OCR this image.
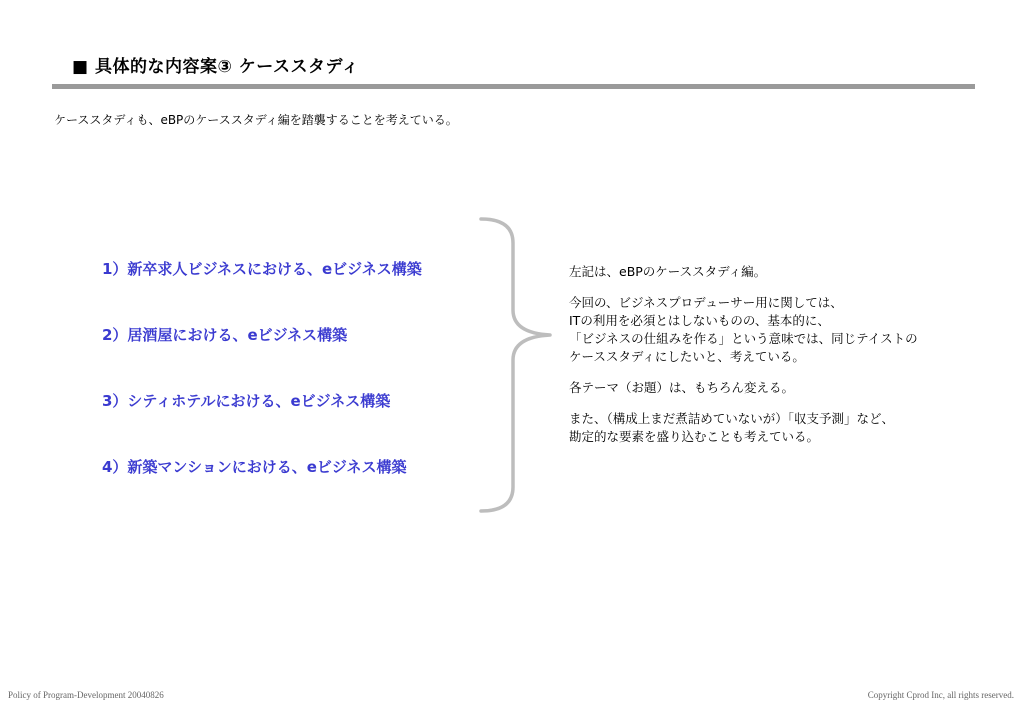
■ 具体的な内容案③ ケーススタディ
ケーススタディも、eBPのケーススタディ編を踏襲することを考えている。
1）新卒求人ビジネスにおける、eビジネス構築
2）居酒屋における、eビジネス構築
3）シティホテルにおける、eビジネス構築
4）新築マンションにおける、eビジネス構築

左記は、eBPのケーススタディ編。

今回の、ビジネスプロデューサー用に関しては、

ITの利用を必須とはしないものの、基本的に、

「ビジネスの仕組みを作る」という意味では、同じテイストの

ケーススタディにしたいと、考えている。

各テーマ（お題）は、もちろん変える。

また、（構成上まだ煮詰めていないが）「収支予測」など、

勘定的な要素を盛り込むことも考えている。

Policy of Program-Development 20040826	Copyright Cprod Inc, all rights reserved.
